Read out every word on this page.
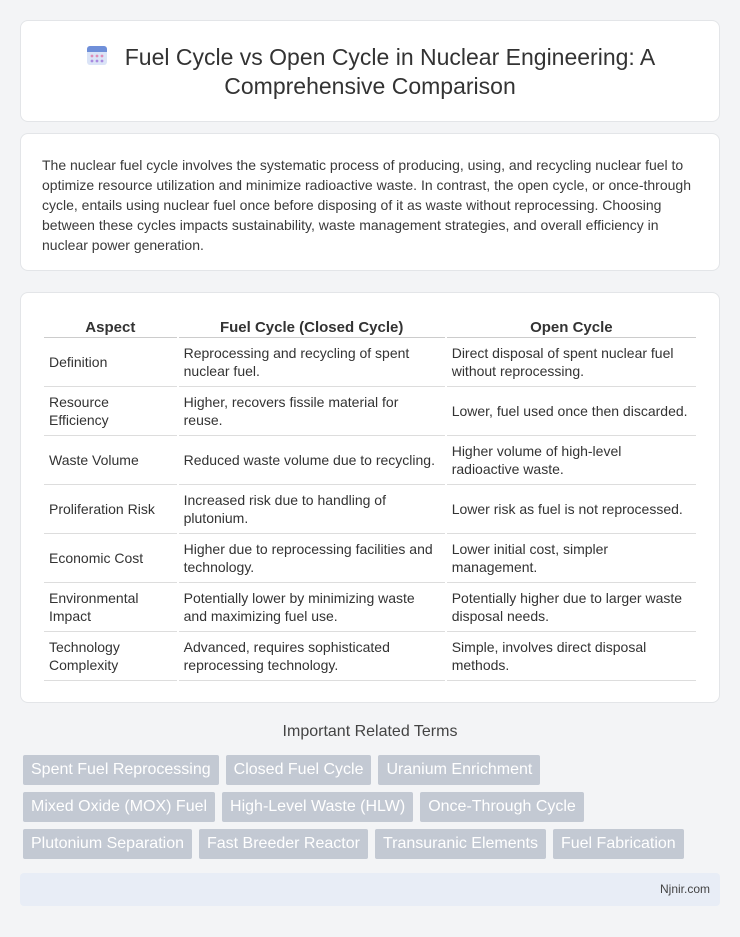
Fuel Cycle vs Open Cycle in Nuclear Engineering: A Comprehensive Comparison

The nuclear fuel cycle involves the systematic process of producing, using, and recycling nuclear fuel to optimize resource utilization and minimize radioactive waste. In contrast, the open cycle, or once-through cycle, entails using nuclear fuel once before disposing of it as waste without reprocessing. Choosing between these cycles impacts sustainability, waste management strategies, and overall efficiency in nuclear power generation.

Aspect	Fuel Cycle (Closed Cycle)	Open Cycle
Definition	Reprocessing and recycling of spent nuclear fuel.	Direct disposal of spent nuclear fuel without reprocessing.
Resource Efficiency	Higher, recovers fissile material for reuse.	Lower, fuel used once then discarded.
Waste Volume	Reduced waste volume due to recycling.	Higher volume of high-level radioactive waste.
Proliferation Risk	Increased risk due to handling of plutonium.	Lower risk as fuel is not reprocessed.
Economic Cost	Higher due to reprocessing facilities and technology.	Lower initial cost, simpler management.
Environmental Impact	Potentially lower by minimizing waste and maximizing fuel use.	Potentially higher due to larger waste disposal needs.
Technology Complexity	Advanced, requires sophisticated reprocessing technology.	Simple, involves direct disposal methods.
Important Related Terms
Spent Fuel Reprocessing	Closed Fuel Cycle	Uranium Enrichment
Mixed Oxide (MOX) Fuel	High-Level Waste (HLW)	Once-Through Cycle
Plutonium Separation	Fast Breeder Reactor	Transuranic Elements	Fuel Fabrication
Njnir.com
